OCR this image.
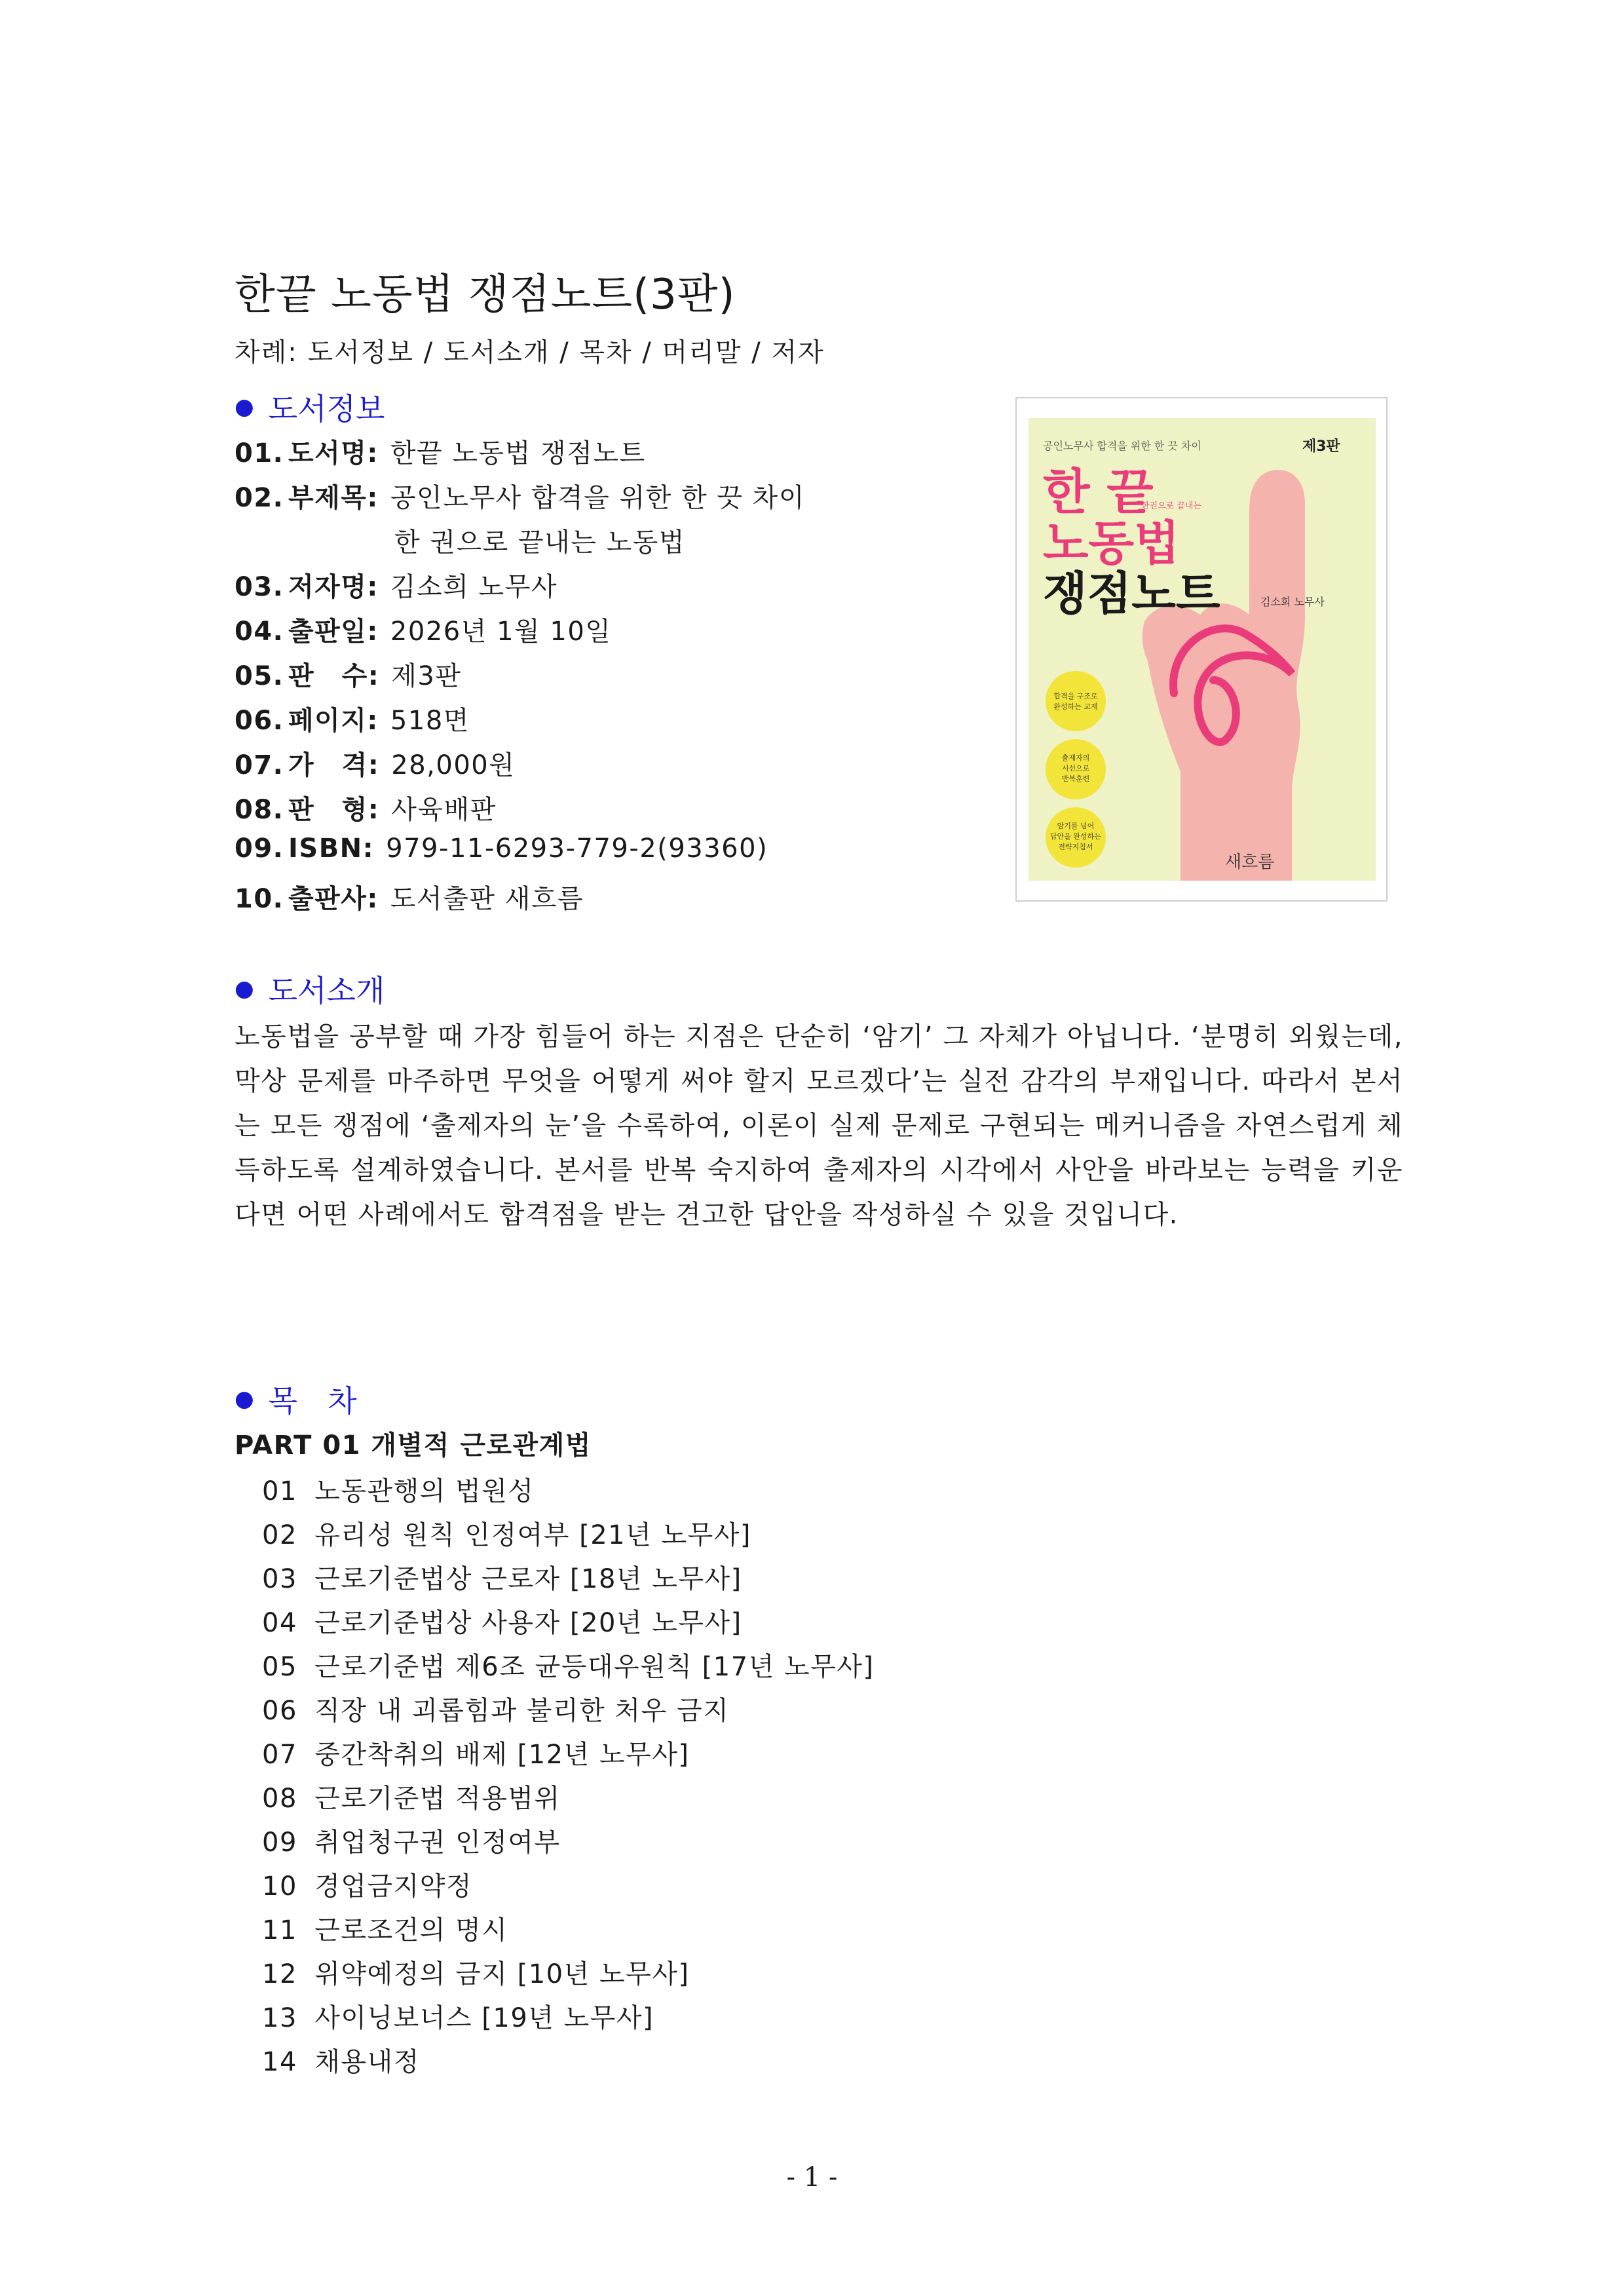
한끝 노동법 쟁점노트(3판)
차례: 도서정보 / 도서소개 / 목차 / 머리말 / 저자
● 도서정보
01. 도서명: 한끝 노동법 쟁점노트
02. 부제목: 공인노무사 합격을 위한 한 끗 차이
한 권으로 끝내는 노동법
03. 저자명: 김소희 노무사
04. 출판일: 2026년 1월 10일
05. 판　수: 제3판
06. 페이지: 518면
07. 가　격: 28,000원
08. 판　형: 사육배판
09. ISBN: 979-11-6293-779-2(93360)
10. 출판사: 도서출판 새흐름
공인노무사 합격을 위한 한 끗 차이	제3판
한 끝
한권으로 끝내는
노동법
쟁점노트	김소희 노무사
합격을 구조로
완성하는 교재
출제자의
시선으로
반복훈련
암기를 넘어
답안을 완성하는
전략지침서
새흐름
● 도서소개

노동법을 공부할 때 가장 힘들어 하는 지점은 단순히 ‘암기’ 그 자체가 아닙니다. ‘분명히 외웠는데, 막상 문제를 마주하면 무엇을 어떻게 써야 할지 모르겠다’는 실전 감각의 부재입니다. 따라서 본서는 모든 쟁점에 ‘출제자의 눈’을 수록하여, 이론이 실제 문제로 구현되는 메커니즘을 자연스럽게 체득하도록 설계하였습니다. 본서를 반복 숙지하여 출제자의 시각에서 사안을 바라보는 능력을 키운다면 어떤 사례에서도 합격점을 받는 견고한 답안을 작성하실 수 있을 것입니다.

● 목　차
PART 01 개별적 근로관계법
01 노동관행의 법원성
02 유리성 원칙 인정여부 [21년 노무사]
03 근로기준법상 근로자 [18년 노무사]
04 근로기준법상 사용자 [20년 노무사]
05 근로기준법 제6조 균등대우원칙 [17년 노무사]
06 직장 내 괴롭힘과 불리한 처우 금지
07 중간착취의 배제 [12년 노무사]
08 근로기준법 적용범위
09 취업청구권 인정여부
10 경업금지약정
11 근로조건의 명시
12 위약예정의 금지 [10년 노무사]
13 사이닝보너스 [19년 노무사]
14 채용내정
- 1 -
